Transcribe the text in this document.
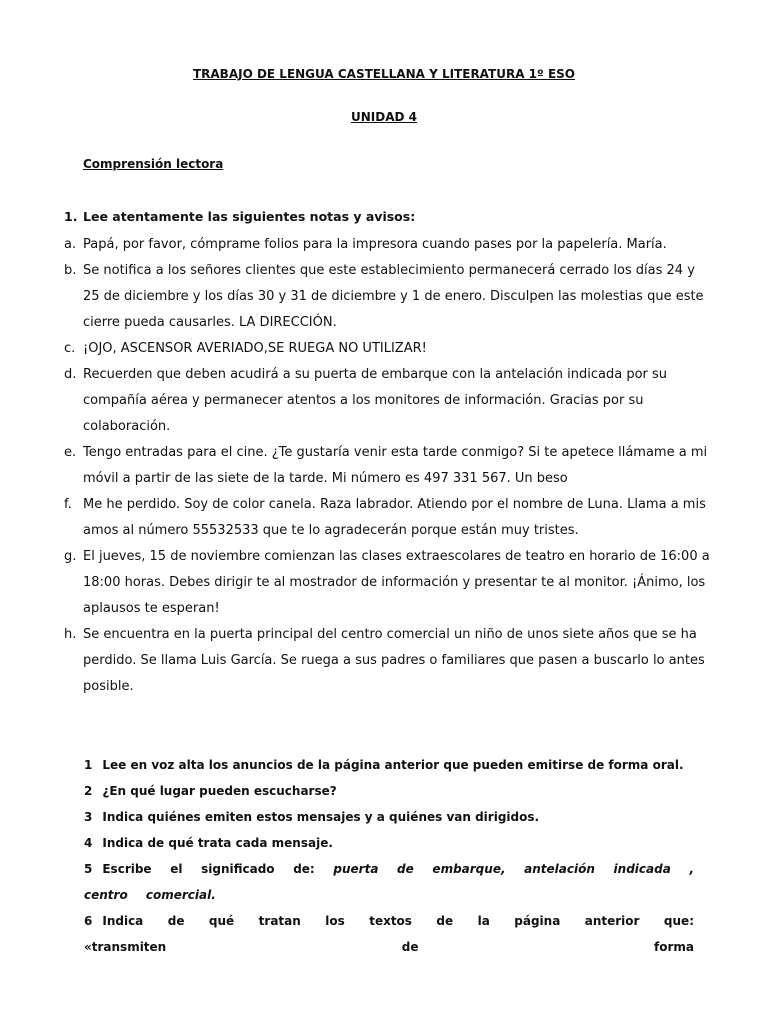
TRABAJO DE LENGUA CASTELLANA Y LITERATURA 1º ESO
UNIDAD 4
Comprensión lectora
1. Lee atentamente las siguientes notas y avisos:
a. Papá, por favor, cómprame folios para la impresora cuando pases por la papelería. María.
b. Se notifica a los señores clientes que este establecimiento permanecerá cerrado los días 24 y 25 de diciembre y los días 30 y 31 de diciembre y 1 de enero. Disculpen las molestias que este cierre pueda causarles. LA DIRECCIÓN.
c. ¡OJO, ASCENSOR AVERIADO,SE RUEGA NO UTILIZAR!
d. Recuerden que deben acudirá a su puerta de embarque con la antelación indicada por su compañía aérea y permanecer atentos a los monitores de información. Gracias por su colaboración.
e. Tengo entradas para el cine. ¿Te gustaría venir esta tarde conmigo? Si te apetece llámame a mi móvil a partir de las siete de la tarde. Mi número es 497 331 567. Un beso
f. Me he perdido. Soy de color canela. Raza labrador. Atiendo por el nombre de Luna. Llama a mis amos al número 55532533 que te lo agradecerán porque están muy tristes.
g. El jueves, 15 de noviembre comienzan las clases extraescolares de teatro en horario de 16:00 a 18:00 horas. Debes dirigir te al mostrador de información y presentar te al monitor. ¡Ánimo, los aplausos te esperan!
h. Se encuentra en la puerta principal del centro comercial un niño de unos siete años que se ha perdido. Se llama Luis García. Se ruega a sus padres o familiares que pasen a buscarlo lo antes posible.
1 Lee en voz alta los anuncios de la página anterior que pueden emitirse de forma oral.
2 ¿En qué lugar pueden escucharse?
3 Indica quiénes emiten estos mensajes y a quiénes van dirigidos.
4 Indica de qué trata cada mensaje.
5 Escribe el significado de: puerta de embarque, antelación indicada , centro comercial.
6 Indica de qué tratan los textos de la página anterior que: «transmiten de forma
